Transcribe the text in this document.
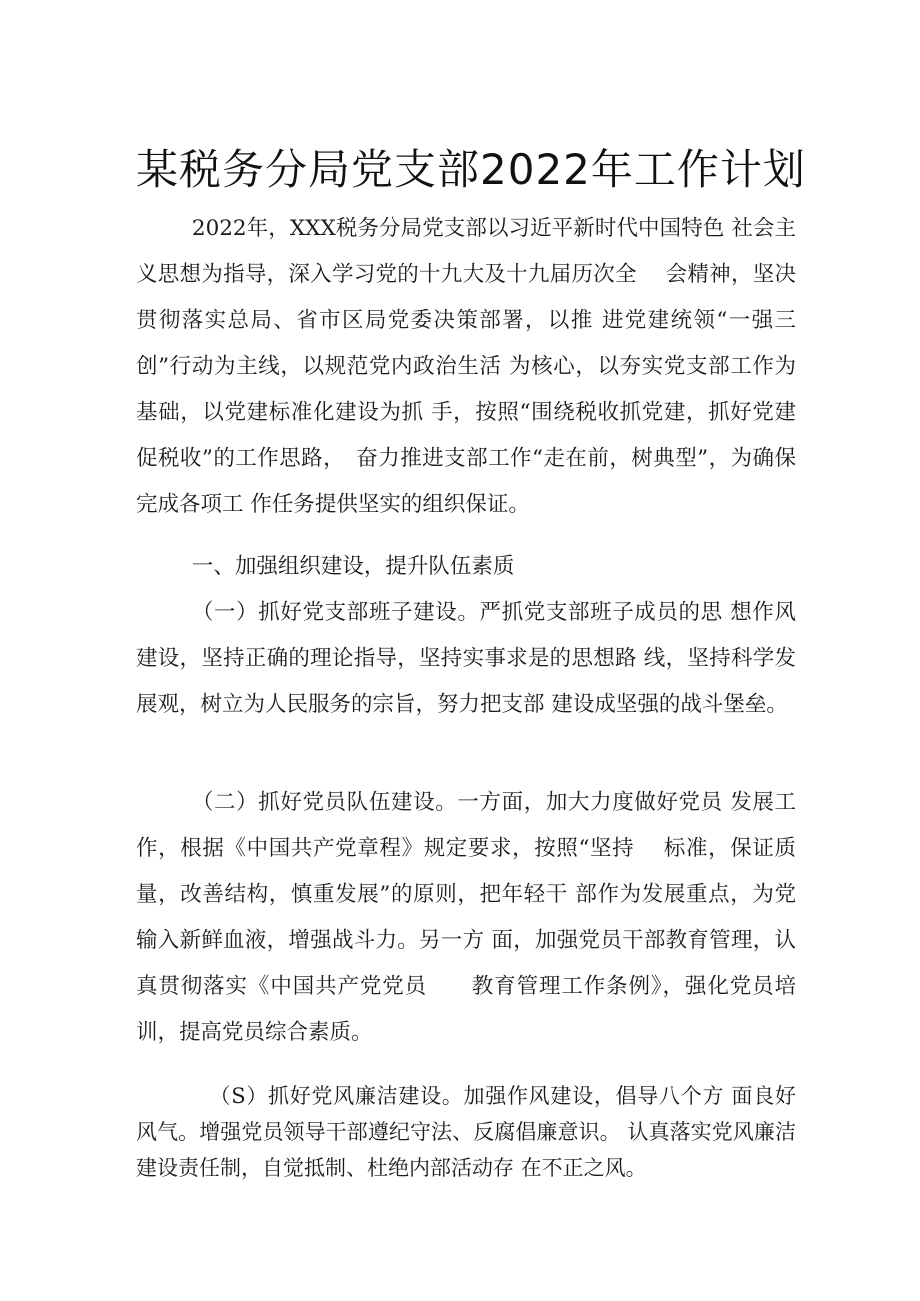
某税务分局党支部2022年工作计划

2022年，XXX税务分局党支部以习近平新时代中国特色 社会主义思想为指导，深入学习党的十九大及十九届历次全　 会精神，坚决贯彻落实总局、省市区局党委决策部署，以推 进党建统领“一强三创”行动为主线，以规范党内政治生活 为核心，以夯实党支部工作为基础，以党建标准化建设为抓 手，按照“围绕税收抓党建，抓好党建促税收”的工作思路，　奋力推进支部工作“走在前，树典型”，为确保完成各项工 作任务提供坚实的组织保证。

一、加强组织建设，提升队伍素质

（一）抓好党支部班子建设。严抓党支部班子成员的思 想作风建设，坚持正确的理论指导，坚持实事求是的思想路 线，坚持科学发展观，树立为人民服务的宗旨，努力把支部 建设成坚强的战斗堡垒。

（二）抓好党员队伍建设。一方面，加大力度做好党员 发展工作，根据《中国共产党章程》规定要求，按照“坚持　 标准，保证质量，改善结构，慎重发展”的原则，把年轻干 部作为发展重点，为党输入新鲜血液，增强战斗力。另一方 面，加强党员干部教育管理，认真贯彻落实《中国共产党党员　　教育管理工作条例》，强化党员培训，提高党员综合素质。

（S）抓好党风廉洁建设。加强作风建设，倡导八个方 面良好风气。增强党员领导干部遵纪守法、反腐倡廉意识。 认真落实党风廉洁建设责任制，自觉抵制、杜绝内部活动存 在不正之风。
